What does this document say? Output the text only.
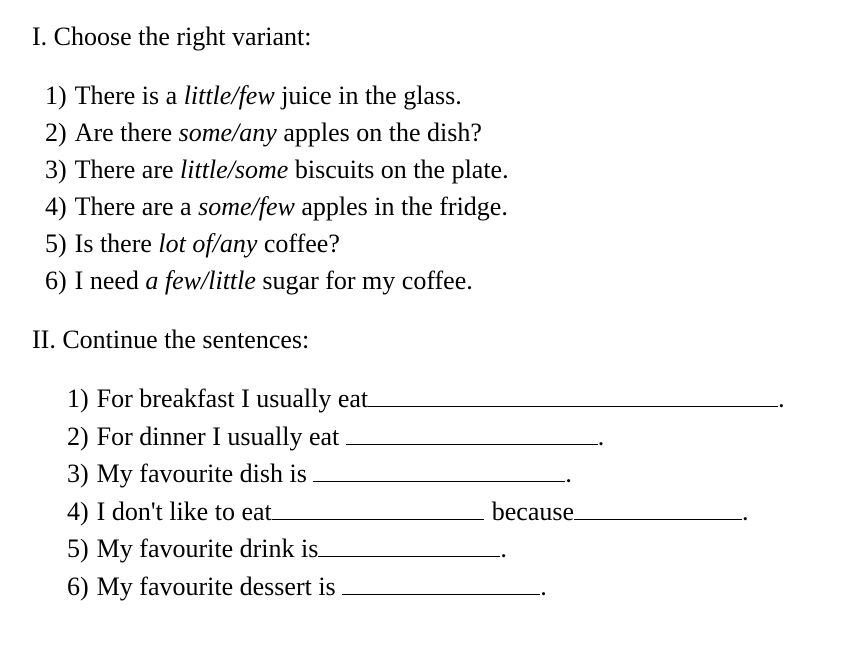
I. Choose the right variant:
1) There is a little/few juice in the glass.
2) Are there some/any apples on the dish?
3) There are little/some biscuits on the plate.
4) There are a some/few apples in the fridge.
5) Is there lot of/any coffee?
6) I need a few/little sugar for my coffee.
II. Continue the sentences:
1) For breakfast I usually eat	.
2) For dinner I usually eat	.
3) My favourite dish is	.
4) I don't like to eat	because	.
5) My favourite drink is	.
6) My favourite dessert is	.
